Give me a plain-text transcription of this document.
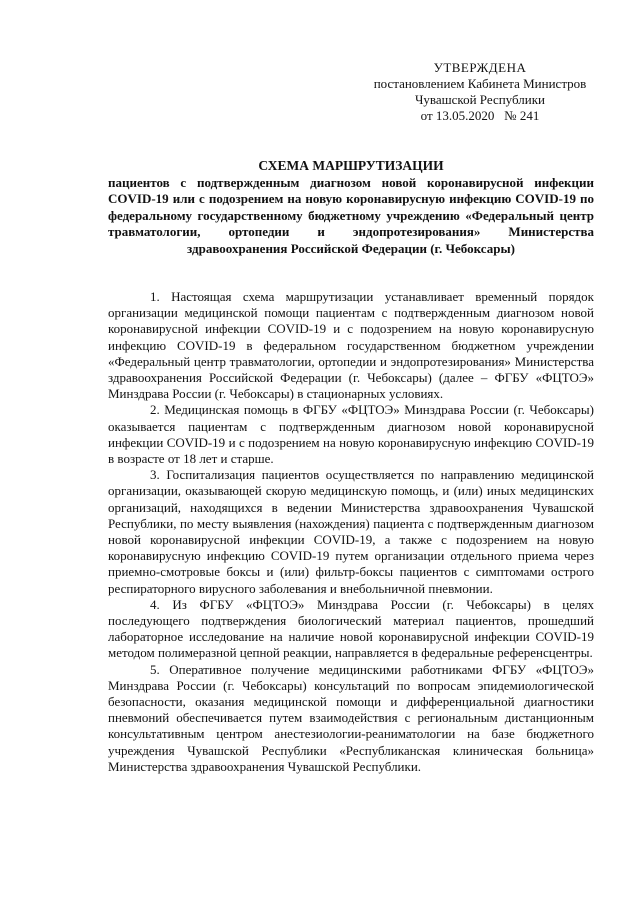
УТВЕРЖДЕНА
постановлением Кабинета Министров
Чувашской Республики
от 13.05.2020   № 241
СХЕМА МАРШРУТИЗАЦИИ
пациентов с подтвержденным диагнозом новой коронавирусной инфекции COVID-19 или с подозрением на новую коронавирусную инфекцию COVID-19 по федеральному государственному бюджетному учреждению «Федеральный центр травматологии, ортопедии и эндопротезирования» Министерства здравоохранения Российской Федерации (г. Чебоксары)

1. Настоящая схема маршрутизации устанавливает временный порядок организации медицинской помощи пациентам с подтвержденным диагнозом новой коронавирусной инфекции COVID-19 и с подозрением на новую коронавирусную инфекцию COVID-19 в федеральном государственном бюджетном учреждении «Федеральный центр травматологии, ортопедии и эндопротезирования» Министерства здравоохранения Российской Федерации (г. Чебоксары) (далее – ФГБУ «ФЦТОЭ» Минздрава России (г. Чебоксары) в стационарных условиях.

2. Медицинская помощь в ФГБУ «ФЦТОЭ» Минздрава России (г. Чебоксары) оказывается пациентам с подтвержденным диагнозом новой коронавирусной инфекции COVID-19 и с подозрением на новую коронавирусную инфекцию COVID-19 в возрасте от 18 лет и старше.

3. Госпитализация пациентов осуществляется по направлению медицинской организации, оказывающей скорую медицинскую помощь, и (или) иных медицинских организаций, находящихся в ведении Министерства здравоохранения Чувашской Республики, по месту выявления (нахождения) пациента с подтвержденным диагнозом новой коронавирусной инфекции COVID-19, а также с подозрением на новую коронавирусную инфекцию COVID-19 путем организации отдельного приема через приемно-смотровые боксы и (или) фильтр-боксы пациентов с симптомами острого респираторного вирусного заболевания и внебольничной пневмонии.

4. Из ФГБУ «ФЦТОЭ» Минздрава России (г. Чебоксары) в целях последующего подтверждения биологический материал пациентов, прошедший лабораторное исследование на наличие новой коронавирусной инфекции COVID-19 методом полимеразной цепной реакции, направляется в федеральные референсцентры.

5. Оперативное получение медицинскими работниками ФГБУ «ФЦТОЭ» Минздрава России (г. Чебоксары) консультаций по вопросам эпидемиологической безопасности, оказания медицинской помощи и дифференциальной диагностики пневмоний обеспечивается путем взаимодействия с региональным дистанционным консультативным центром анестезиологии-реаниматологии на базе бюджетного учреждения Чувашской Республики «Республиканская клиническая больница» Министерства здравоохранения Чувашской Республики.
